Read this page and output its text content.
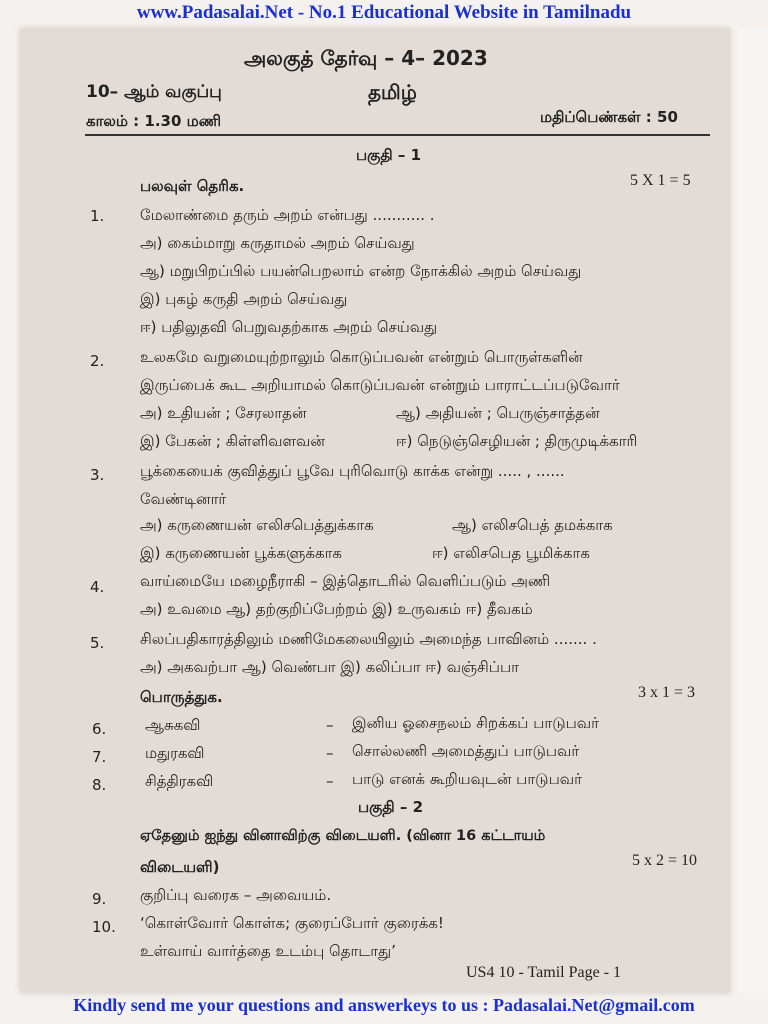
www.Padasalai.Net - No.1 Educational Website in Tamilnadu
அலகுத் தேர்வு – 4– 2023
10– ஆம் வகுப்பு	தமிழ்
காலம் : 1.30 மணி	மதிப்பெண்கள் : 50
பகுதி – 1
பலவுள் தெரிக.	5 X 1 = 5
1. மேலாண்மை தரும் அறம் என்பது ........... .
அ) கைம்மாறு கருதாமல் அறம் செய்வது
ஆ) மறுபிறப்பில் பயன்பெறலாம் என்ற நோக்கில் அறம் செய்வது
இ) புகழ் கருதி அறம் செய்வது
ஈ) பதிலுதவி பெறுவதற்காக அறம் செய்வது
2. உலகமே வறுமையுற்றாலும் கொடுப்பவன் என்றும் பொருள்களின்
இருப்பைக் கூட அறியாமல் கொடுப்பவன் என்றும் பாராட்டப்படுவோர்
அ) உதியன் ; சேரலாதன்	ஆ) அதியன் ; பெருஞ்சாத்தன்
இ) பேகன் ; கிள்ளிவளவன்	ஈ) நெடுஞ்செழியன் ; திருமுடிக்காரி
3. பூக்கையைக் குவித்துப் பூவே புரிவொடு காக்க என்று ..... , ......
வேண்டினார்
அ) கருணையன் எலிசபெத்துக்காக	ஆ) எலிசபெத் தமக்காக
இ) கருணையன் பூக்களுக்காக	ஈ) எலிசபெத பூமிக்காக
4. வாய்மையே மழைநீராகி – இத்தொடரில் வெளிப்படும் அணி
அ) உவமை ஆ) தற்குறிப்பேற்றம் இ) உருவகம் ஈ) தீவகம்
5. சிலப்பதிகாரத்திலும் மணிமேகலையிலும் அமைந்த பாவினம் ....... .
அ) அகவற்பா ஆ) வெண்பா இ) கலிப்பா ஈ) வஞ்சிப்பா
பொருத்துக.	3 x 1 = 3
6.	ஆசுகவி	– இனிய ஓசைநலம் சிறக்கப் பாடுபவர்
7.	மதுரகவி	– சொல்லணி அமைத்துப் பாடுபவர்
8.	சித்திரகவி	– பாடு எனக் கூறியவுடன் பாடுபவர்
பகுதி – 2
ஏதேனும் ஐந்து வினாவிற்கு விடையளி. (வினா 16 கட்டாயம்
விடையளி)	5 x 2 = 10
9. குறிப்பு வரைக – அவையம்.
10. ‘கொள்வோர் கொள்க; குரைப்போர் குரைக்க!
உள்வாய் வார்த்தை உடம்பு தொடாது’
US4 10 - Tamil Page - 1
Kindly send me your questions and answerkeys to us : Padasalai.Net@gmail.com
